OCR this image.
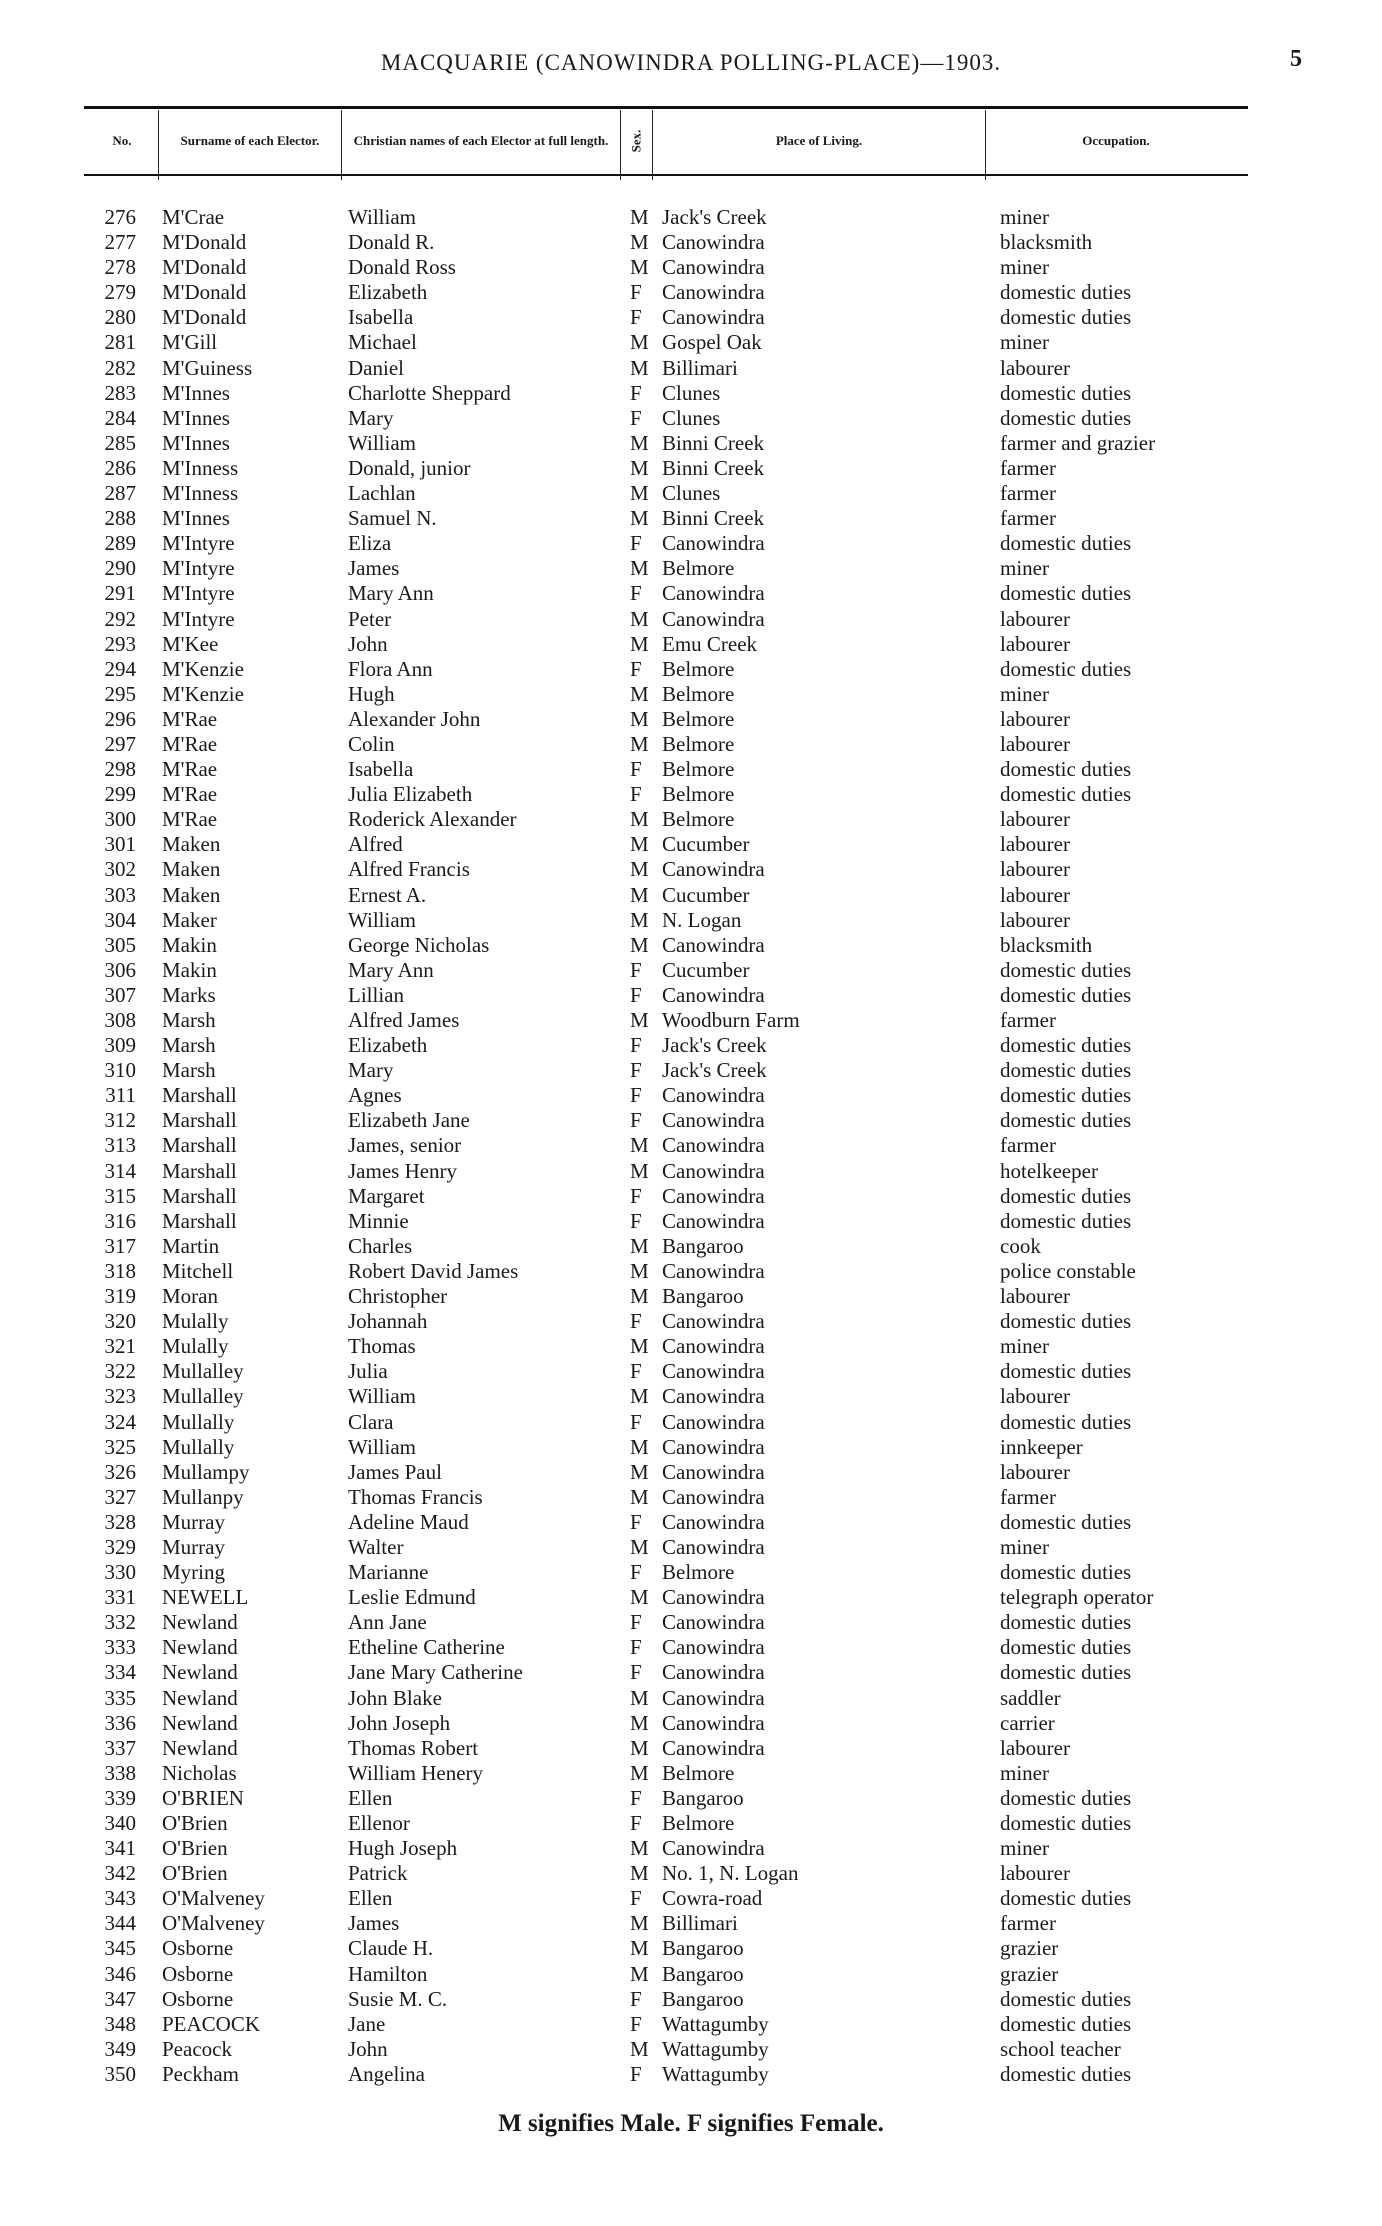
MACQUARIE (CANOWINDRA POLLING-PLACE)—1903.	5
No.	Surname of each Elector.	Christian names of each Elector at full length.	Sex.	Place of Living.	Occupation.
276 M'Crae	William	M Jack's Creek	miner
277 M'Donald	Donald R.	M Canowindra	blacksmith
278 M'Donald	Donald Ross	M Canowindra	miner
279 M'Donald	Elizabeth	F Canowindra	domestic duties
280 M'Donald	Isabella	F Canowindra	domestic duties
281 M'Gill	Michael	M Gospel Oak	miner
282 M'Guiness	Daniel	M Billimari	labourer
283 M'Innes	Charlotte Sheppard	F Clunes	domestic duties
284 M'Innes	Mary	F Clunes	domestic duties
285 M'Innes	William	M Binni Creek	farmer and grazier
286 M'Inness	Donald, junior	M Binni Creek	farmer
287 M'Inness	Lachlan	M Clunes	farmer
288 M'Innes	Samuel N.	M Binni Creek	farmer
289 M'Intyre	Eliza	F Canowindra	domestic duties
290 M'Intyre	James	M Belmore	miner
291 M'Intyre	Mary Ann	F Canowindra	domestic duties
292 M'Intyre	Peter	M Canowindra	labourer
293 M'Kee	John	M Emu Creek	labourer
294 M'Kenzie	Flora Ann	F Belmore	domestic duties
295 M'Kenzie	Hugh	M Belmore	miner
296 M'Rae	Alexander John	M Belmore	labourer
297 M'Rae	Colin	M Belmore	labourer
298 M'Rae	Isabella	F Belmore	domestic duties
299 M'Rae	Julia Elizabeth	F Belmore	domestic duties
300 M'Rae	Roderick Alexander	M Belmore	labourer
301 Maken	Alfred	M Cucumber	labourer
302 Maken	Alfred Francis	M Canowindra	labourer
303 Maken	Ernest A.	M Cucumber	labourer
304 Maker	William	M N. Logan	labourer
305 Makin	George Nicholas	M Canowindra	blacksmith
306 Makin	Mary Ann	F Cucumber	domestic duties
307 Marks	Lillian	F Canowindra	domestic duties
308 Marsh	Alfred James	M Woodburn Farm	farmer
309 Marsh	Elizabeth	F Jack's Creek	domestic duties
310 Marsh	Mary	F Jack's Creek	domestic duties
311 Marshall	Agnes	F Canowindra	domestic duties
312 Marshall	Elizabeth Jane	F Canowindra	domestic duties
313 Marshall	James, senior	M Canowindra	farmer
314 Marshall	James Henry	M Canowindra	hotelkeeper
315 Marshall	Margaret	F Canowindra	domestic duties
316 Marshall	Minnie	F Canowindra	domestic duties
317 Martin	Charles	M Bangaroo	cook
318 Mitchell	Robert David James	M Canowindra	police constable
319 Moran	Christopher	M Bangaroo	labourer
320 Mulally	Johannah	F Canowindra	domestic duties
321 Mulally	Thomas	M Canowindra	miner
322 Mullalley	Julia	F Canowindra	domestic duties
323 Mullalley	William	M Canowindra	labourer
324 Mullally	Clara	F Canowindra	domestic duties
325 Mullally	William	M Canowindra	innkeeper
326 Mullampy	James Paul	M Canowindra	labourer
327 Mullanpy	Thomas Francis	M Canowindra	farmer
328 Murray	Adeline Maud	F Canowindra	domestic duties
329 Murray	Walter	M Canowindra	miner
330 Myring	Marianne	F Belmore	domestic duties
331 NEWELL	Leslie Edmund	M Canowindra	telegraph operator
332 Newland	Ann Jane	F Canowindra	domestic duties
333 Newland	Etheline Catherine	F Canowindra	domestic duties
334 Newland	Jane Mary Catherine	F Canowindra	domestic duties
335 Newland	John Blake	M Canowindra	saddler
336 Newland	John Joseph	M Canowindra	carrier
337 Newland	Thomas Robert	M Canowindra	labourer
338 Nicholas	William Henery	M Belmore	miner
339 O'BRIEN	Ellen	F Bangaroo	domestic duties
340 O'Brien	Ellenor	F Belmore	domestic duties
341 O'Brien	Hugh Joseph	M Canowindra	miner
342 O'Brien	Patrick	M No. 1, N. Logan	labourer
343 O'Malveney	Ellen	F Cowra-road	domestic duties
344 O'Malveney	James	M Billimari	farmer
345 Osborne	Claude H.	M Bangaroo	grazier
346 Osborne	Hamilton	M Bangaroo	grazier
347 Osborne	Susie M. C.	F Bangaroo	domestic duties
348 PEACOCK	Jane	F Wattagumby	domestic duties
349 Peacock	John	M Wattagumby	school teacher
350 Peckham	Angelina	F Wattagumby	domestic duties
M signifies Male. F signifies Female.
